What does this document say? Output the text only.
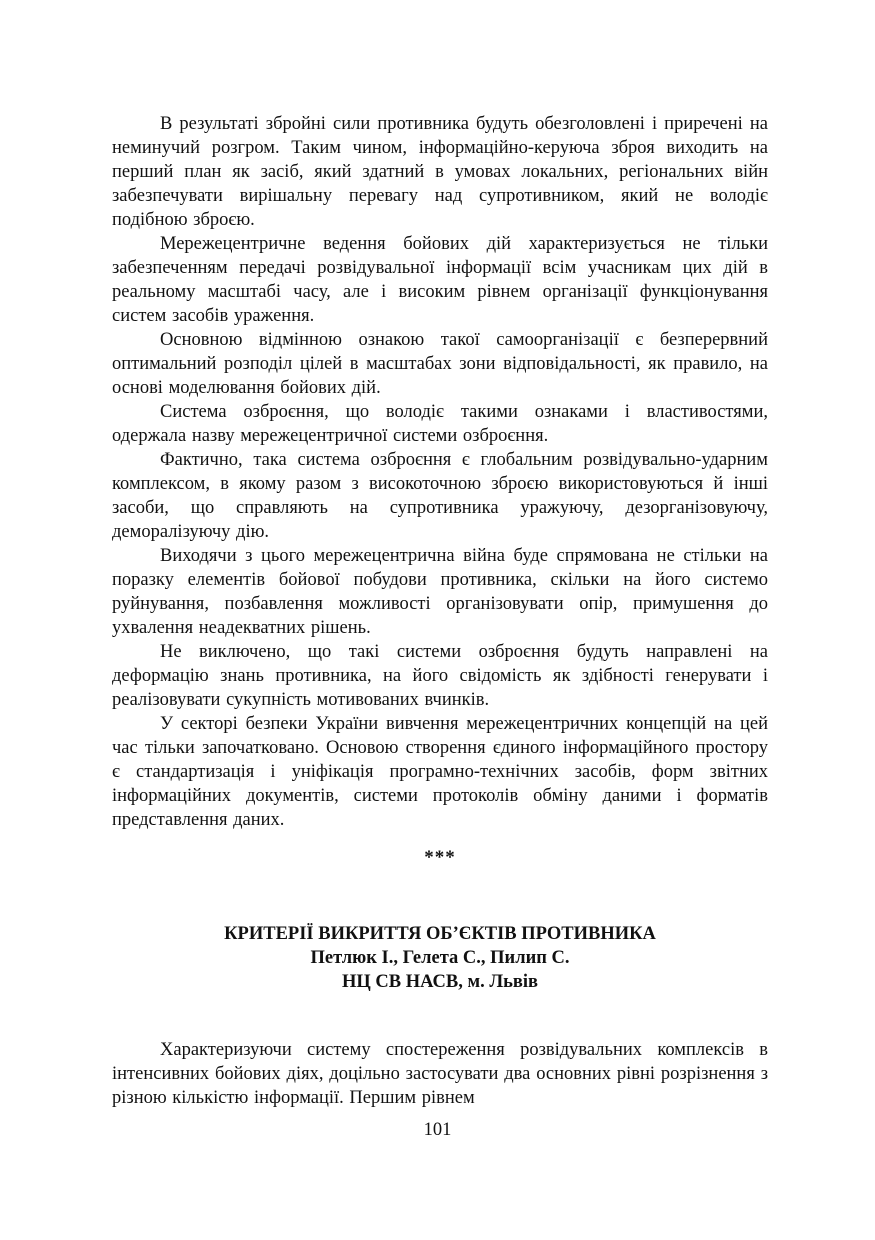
В результаті збройні сили противника будуть обезголовлені і приречені на неминучий розгром. Таким чином, інформаційно-керуюча зброя виходить на перший план як засіб, який здатний в умовах локальних, регіональних війн забезпечувати вирішальну перевагу над супротивником, який не володіє подібною зброєю.

Мережецентричне ведення бойових дій характеризується не тільки забезпеченням передачі розвідувальної інформації всім учасникам цих дій в реальному масштабі часу, але і високим рівнем організації функціонування систем засобів ураження.

Основною відмінною ознакою такої самоорганізації є безперервний оптимальний розподіл цілей в масштабах зони відповідальності, як правило, на основі моделювання бойових дій.

Система озброєння, що володіє такими ознаками і властивостями, одержала назву мережецентричної системи озброєння.

Фактично, така система озброєння є глобальним розвідувально-ударним комплексом, в якому разом з високоточною зброєю використовуються й інші засоби, що справляють на супротивника уражуючу, дезорганізовуючу, деморалізуючу дію.

Виходячи з цього мережецентрична війна буде спрямована не стільки на поразку елементів бойової побудови противника, скільки на його системо руйнування, позбавлення можливості організовувати опір, примушення до ухвалення неадекватних рішень.

Не виключено, що такі системи озброєння будуть направлені на деформацію знань противника, на його свідомість як здібності генерувати і реалізовувати сукупність мотивованих вчинків.

У секторі безпеки України вивчення мережецентричних концепцій на цей час тільки започатковано. Основою створення єдиного інформаційного простору є стандартизація і уніфікація програмно-технічних засобів, форм звітних інформаційних документів, системи протоколів обміну даними і форматів представлення даних.

***

КРИТЕРІЇ ВИКРИТТЯ ОБ’ЄКТІВ ПРОТИВНИКА

Петлюк І., Гелета С., Пилип С.

НЦ СВ НАСВ, м. Львів

Характеризуючи систему спостереження розвідувальних комплексів в інтенсивних бойових діях, доцільно застосувати два основних рівні розрізнення з різною кількістю інформації. Першим рівнем

101
